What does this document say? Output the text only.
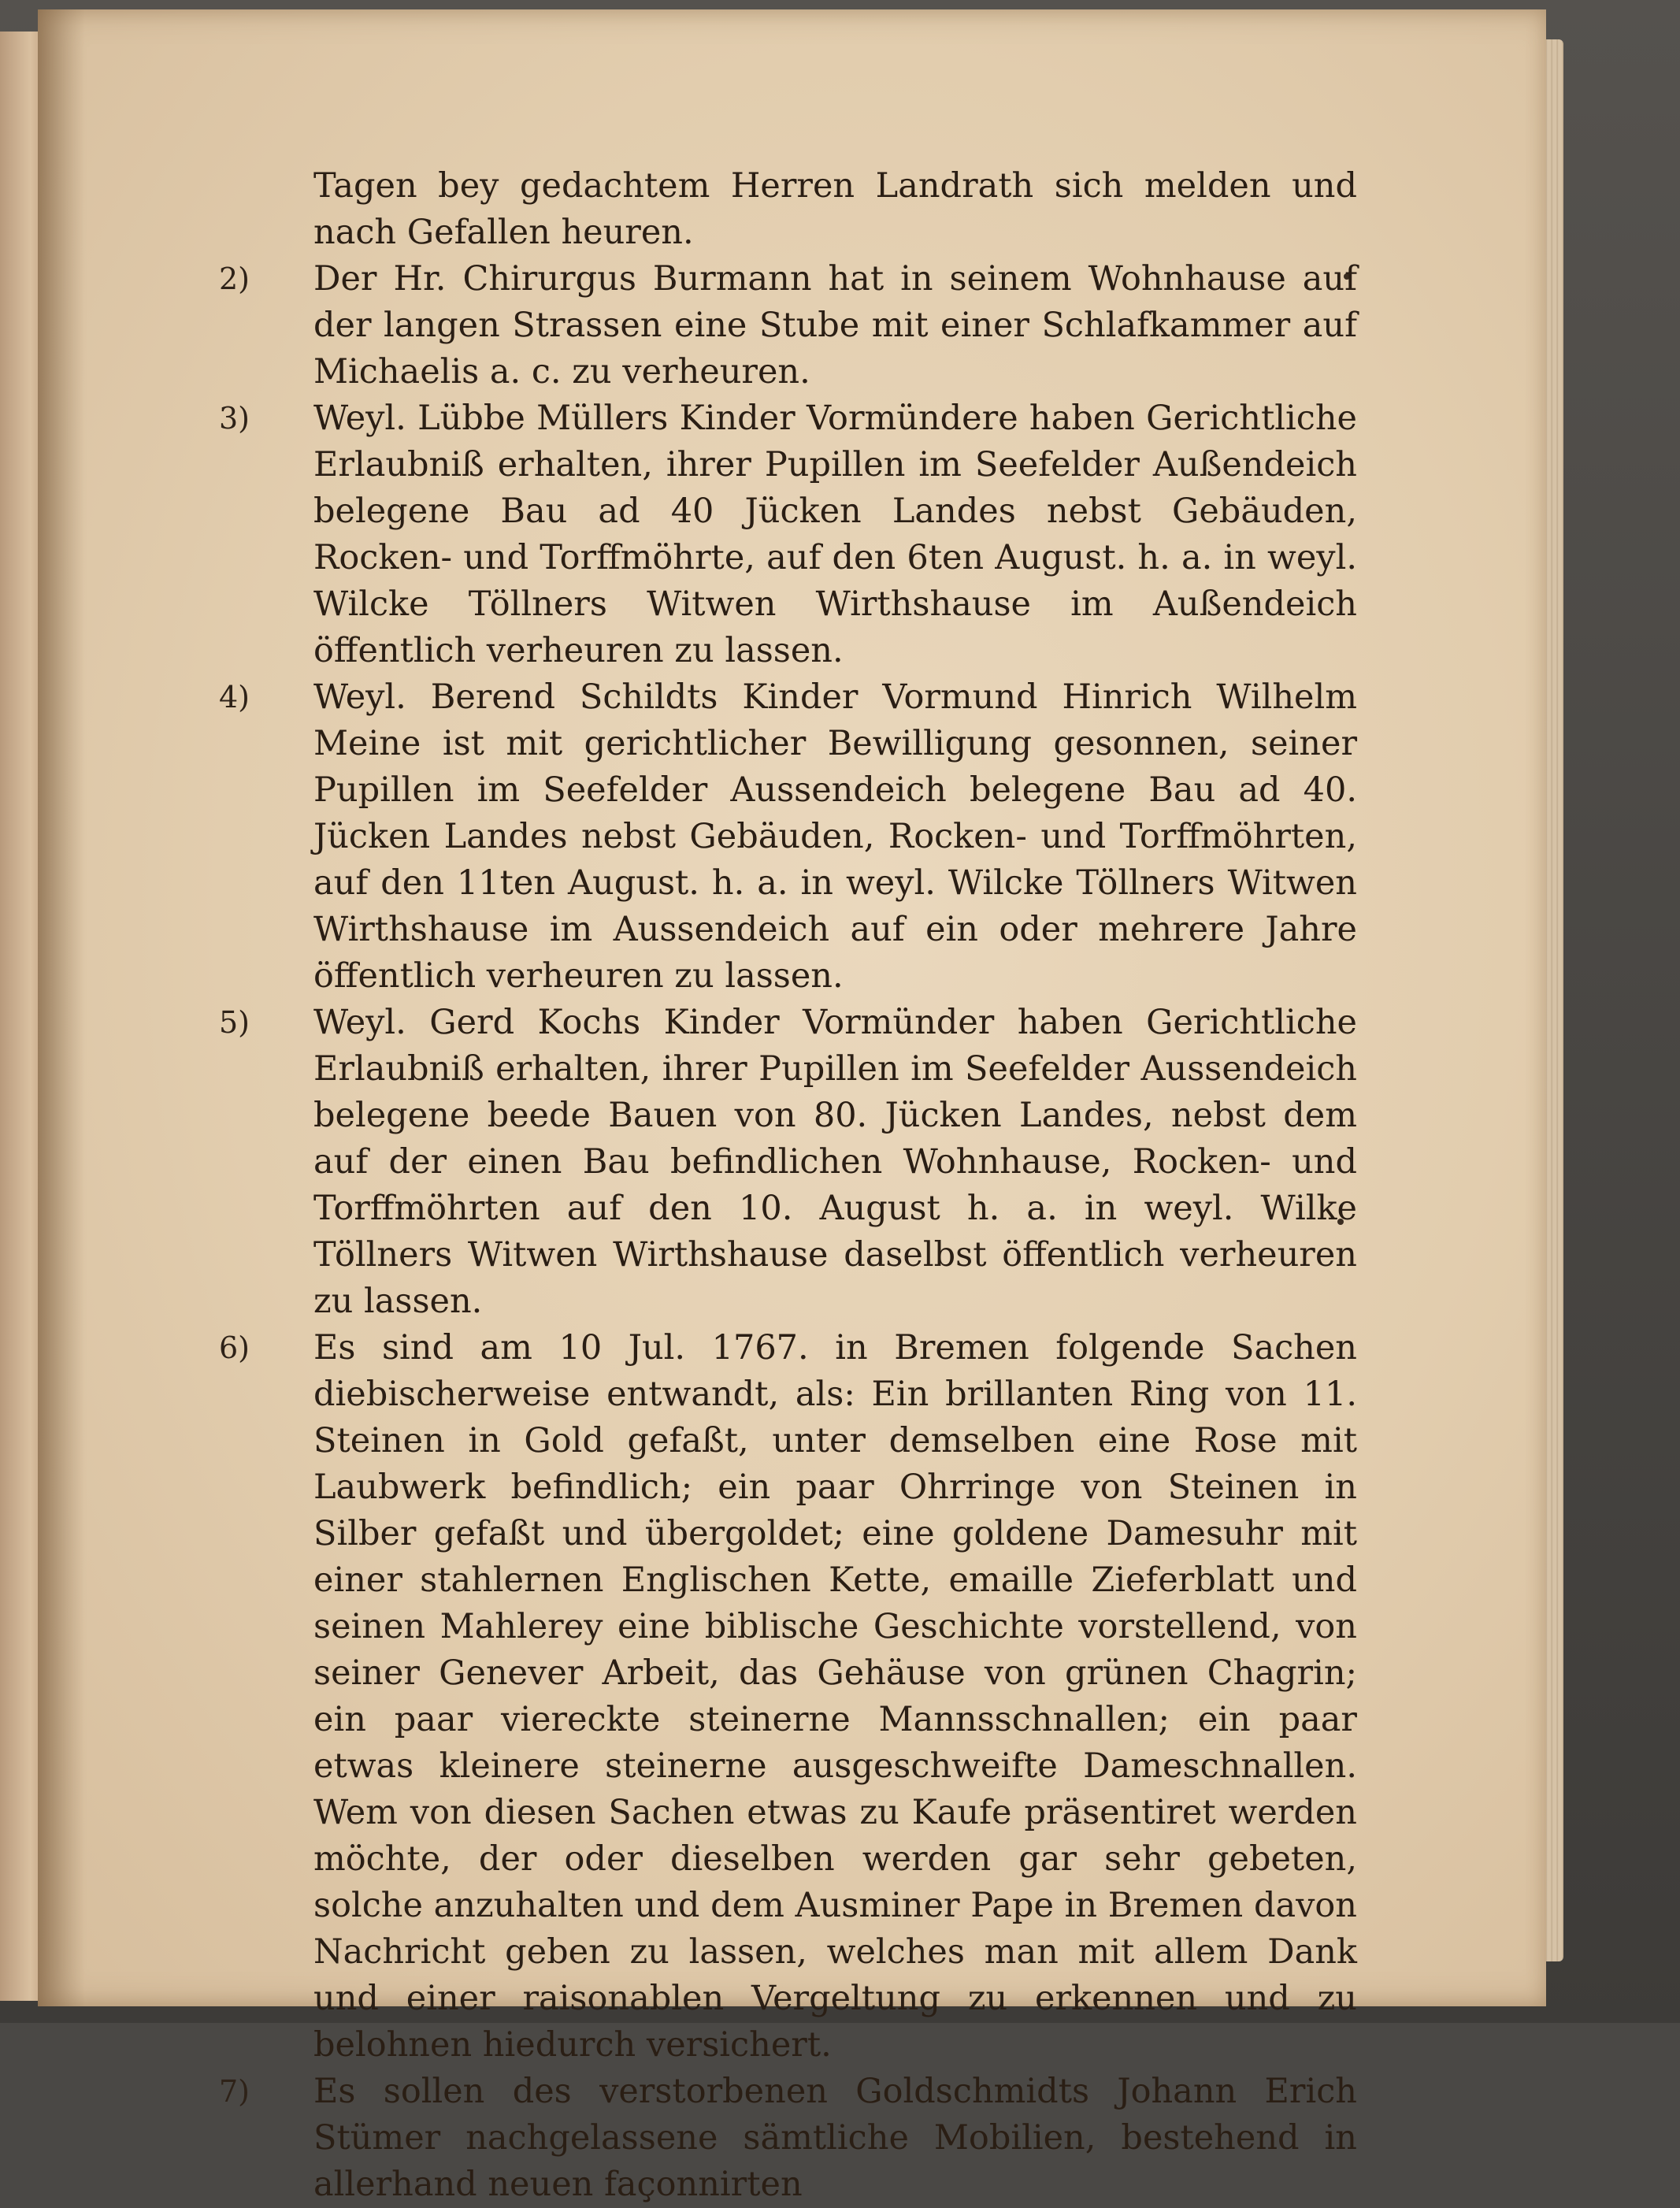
Tagen bey gedachtem Herren Landrath sich melden und nach Gefallen heuren.

2)	Der Hr. Chirurgus Burmann hat in seinem Wohnhause auf der langen Strassen eine Stube mit einer Schlafkammer auf Michaelis a. c. zu verheuren.

3)	Weyl. Lübbe Müllers Kinder Vormündere haben Gerichtliche Erlaubniß erhalten, ihrer Pupillen im Seefelder Außendeich belegene Bau ad 40 Jücken Landes nebst Gebäuden, Rocken- und Torffmöhrte, auf den 6ten August. h. a. in weyl. Wilcke Töllners Witwen Wirthshause im Außendeich öffentlich verheuren zu lassen.

4)	Weyl. Berend Schildts Kinder Vormund Hinrich Wilhelm Meine ist mit gerichtlicher Bewilligung gesonnen, seiner Pupillen im Seefelder Aussendeich belegene Bau ad 40. Jücken Landes nebst Gebäuden, Rocken- und Torffmöhrten, auf den 11ten August. h. a. in weyl. Wilcke Töllners Witwen Wirthshause im Aussendeich auf ein oder mehrere Jahre öffentlich verheuren zu lassen.

5)	Weyl. Gerd Kochs Kinder Vormünder haben Gerichtliche Erlaubniß erhalten, ihrer Pupillen im Seefelder Aussendeich belegene beede Bauen von 80. Jücken Landes, nebst dem auf der einen Bau befindlichen Wohnhause, Rocken- und Torffmöhrten auf den 10. August h. a. in weyl. Wilke Töllners Witwen Wirthshause daselbst öffentlich verheuren zu lassen.

6)	Es sind am 10 Jul. 1767. in Bremen folgende Sachen diebischerweise entwandt, als: Ein brillanten Ring von 11. Steinen in Gold gefaßt, unter demselben eine Rose mit Laubwerk befindlich; ein paar Ohrringe von Steinen in Silber gefaßt und übergoldet; eine goldene Damesuhr mit einer stahlernen Englischen Kette, emaille Zieferblatt und seinen Mahlerey eine biblische Geschichte vorstellend, von seiner Genever Arbeit, das Gehäuse von grünen Chagrin; ein paar viereckte steinerne Mannsschnallen; ein paar etwas kleinere steinerne ausgeschweifte Dameschnallen. Wem von diesen Sachen etwas zu Kaufe präsentiret werden möchte, der oder dieselben werden gar sehr gebeten, solche anzuhalten und dem Ausminer Pape in Bremen davon Nachricht geben zu lassen, welches man mit allem Dank und einer raisonablen Vergeltung zu erkennen und zu belohnen hiedurch versichert.

7)	Es sollen des verstorbenen Goldschmidts Johann Erich Stümer nachgelassene sämtliche Mobilien, bestehend in allerhand neuen façonnirten
